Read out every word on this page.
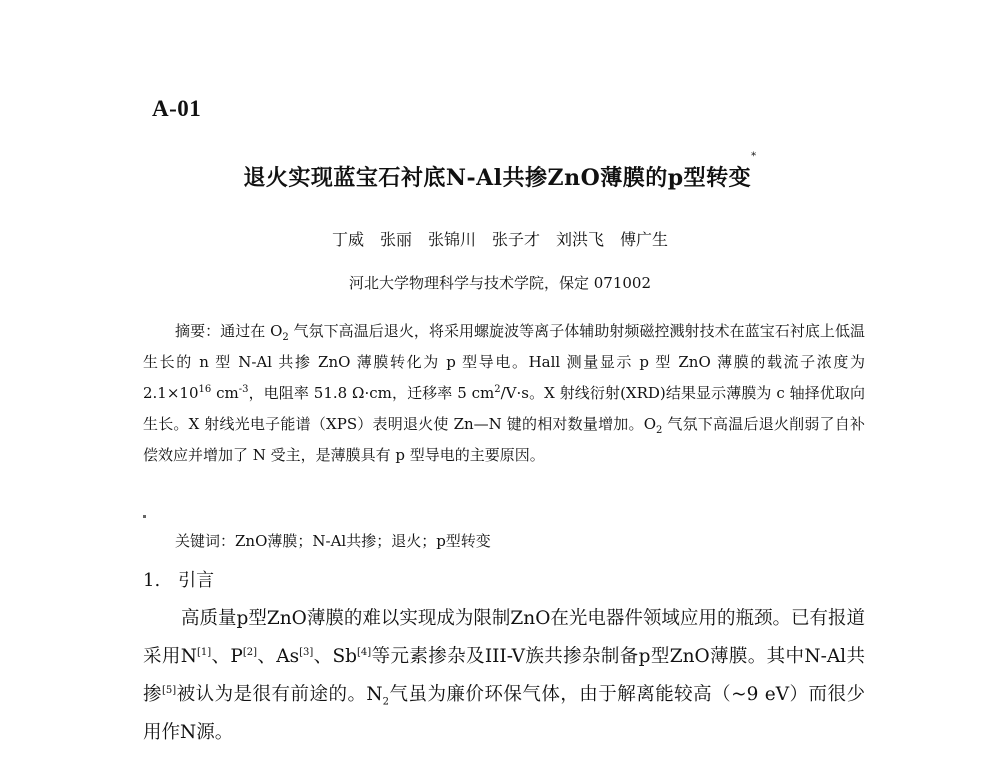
A-01
退火实现蓝宝石衬底N-Al共掺ZnO薄膜的p型转变*
丁威　张丽　张锦川　张子才　刘洪飞　傅广生
河北大学物理科学与技术学院，保定 071002
摘要：通过在 $O_2$ 气氛下高温后退火，将采用螺旋波等离子体辅助射频磁控溅射技术在蓝宝石衬底上低温生长的 n 型 N-Al 共掺 ZnO 薄膜转化为 p 型导电。Hall 测量显示 p 型 ZnO 薄膜的载流子浓度为 $2.1\times 10^{16}$ $cm^{-3}$，电阻率 51.8 Ω·cm，迁移率 5 $cm^2/V\cdot s$。X 射线衍射(XRD)结果显示薄膜为 c 轴择优取向生长。X 射线光电子能谱（XPS）表明退火使 Zn—N 键的相对数量增加。$O_2$ 气氛下高温后退火削弱了自补偿效应并增加了 N 受主，是薄膜具有 p 型导电的主要原因。
关键词：ZnO薄膜；N-Al共掺；退火；p型转变
1.　引言
高质量p型ZnO薄膜的难以实现成为限制ZnO在光电器件领域应用的瓶颈。已有报道采用N[1]、P[2]、As[3]、Sb[4]等元素掺杂及III-V族共掺杂制备p型ZnO薄膜。其中N-Al共掺[5]被认为是很有前途的。$N_2$气虽为廉价环保气体，由于解离能较高（~9 eV）而很少用作N源。
